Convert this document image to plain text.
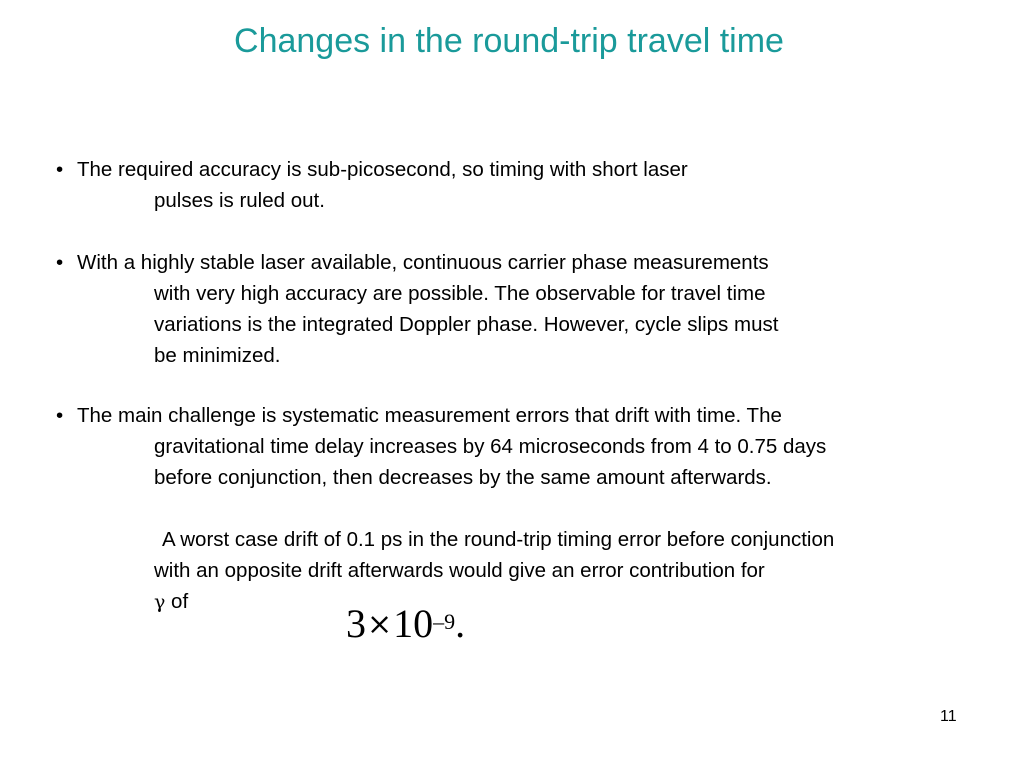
Changes in the round-trip travel time
• The required accuracy is sub-picosecond, so timing with short laser
pulses is ruled out.
• With a highly stable laser available, continuous carrier phase measurements
with very high accuracy are possible. The observable for travel time
variations is the integrated Doppler phase. However, cycle slips must
be minimized.
• The main challenge is systematic measurement errors that drift with time. The
gravitational time delay increases by 64 microseconds from 4 to 0.75 days
before conjunction, then decreases by the same amount afterwards.
A worst case drift of 0.1 ps in the round-trip timing error before conjunction
with an opposite drift afterwards would give an error contribution for
γ of	$3\times 10^{-9}$.
11
